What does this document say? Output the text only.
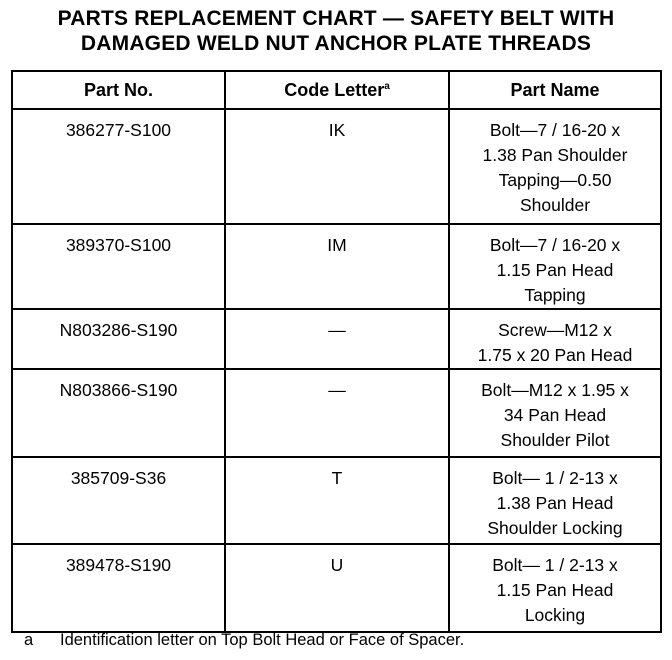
PARTS REPLACEMENT CHART — SAFETY BELT WITH
DAMAGED WELD NUT ANCHOR PLATE THREADS
Part No.	Code Letter$^a$	Part Name
386277-S100	IK	Bolt—7 / 16-20 x
1.38 Pan Shoulder
Tapping—0.50
Shoulder

389370-S100	IM	Bolt—7 / 16-20 x
1.15 Pan Head
Tapping

N803286-S190	—	Screw—M12 x
1.75 x 20 Pan Head

N803866-S190	—	Bolt—M12 x 1.95 x
34 Pan Head
Shoulder Pilot

385709-S36	T	Bolt— 1 / 2-13 x
1.38 Pan Head
Shoulder Locking

389478-S190	U	Bolt— 1 / 2-13 x
1.15 Pan Head
Locking
a Identification letter on Top Bolt Head or Face of Spacer.
